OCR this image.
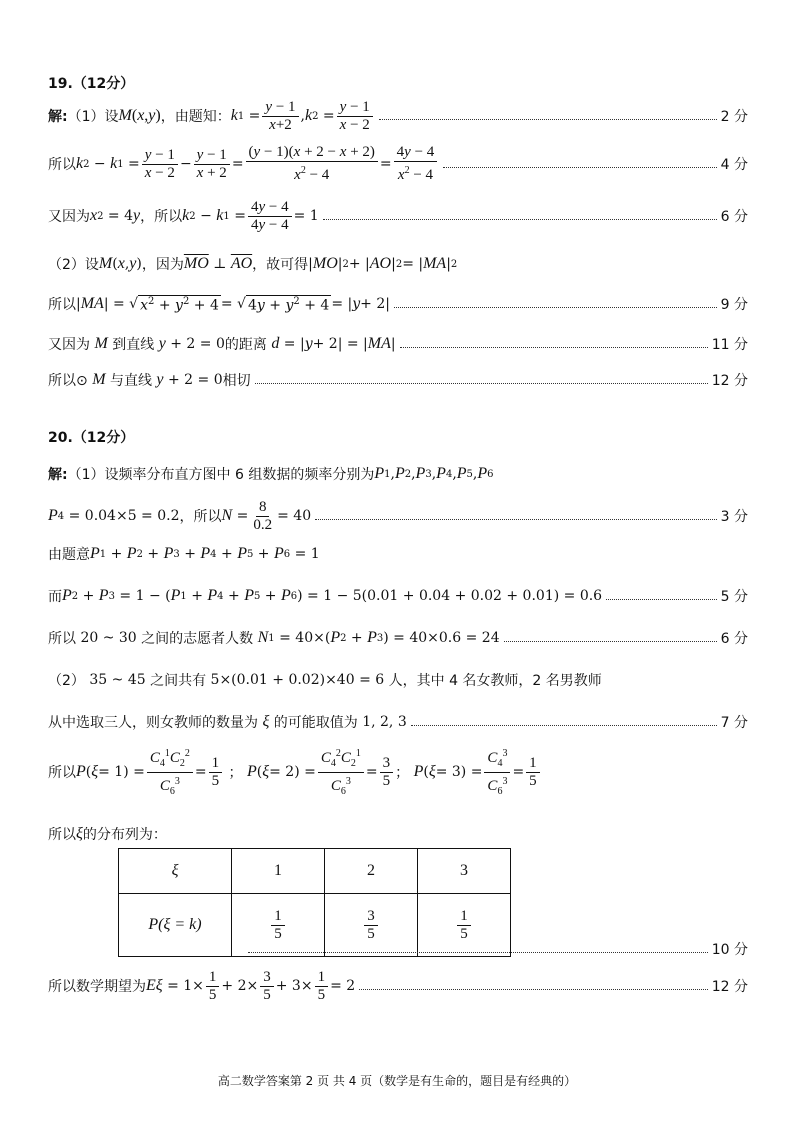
19.（12分）
解: （1）设 M ( x , y ) ，由题知： k $1 = \frac{y - 1}{x+2}$ , k $2 = \frac{y - 1}{x - 2}$	2 分
所以 k 2 − k $1 = \frac{y - 1}{x - 2} - \frac{y - 1}{x + 2} = \frac{(y - 1)(x + 2 - x + 2)}{x^2 - 4} = \frac{4y - 4}{x^2 - 4}$	4 分
又因为 x 2 = 4 y ，所以 k 2 − k $1 = \frac{4y - 4}{4y - 4} = 1$	6 分
（2）设 M ( x , y ) ，因为 $\overline{MO}$ ⊥ $\overline{AO}$ ，故可得 | MO | 2 + | AO | 2 = | MA | 2
所以 | MA | = √ $x^2 + y^2 + 4$ = √ $4y + y^2 + 4$ = | y + 2|	9 分
又因为
M
到直线
y + 2 = 0 的距离
d = | y + 2| = | MA |	11 分
所以⊙
M
与直线
y + 2 = 0 相切	12 分
20.（12分）
解: （1）设频率分布直方图中 6 组数据的频率分别为 P 1 , P 2 , P 3 , P 4 , P 5 , P 6
P 4 = 0.04×5 = 0.2 ，所以 $N = \frac{8}{0.2} = 40$	3 分
由题意 P 1 + P 2 + P 3 + P 4 + P 5 + P 6 = 1
而 P 2 + P 3 = 1 − ( P 1 + P 4 + P 5 + P 6 ) = 1 − 5(0.01 + 0.04 + 0.02 + 0.01) = 0.6	5 分
所以 20 ~ 30 之间的志愿者人数
N 1 = 40×( P 2 + P 3 ) = 40×0.6 = 24	6 分
（2） 35 ~ 45 之间共有 5×(0.01 + 0.02)×40 = 6 人，其中 4 名女教师，2 名男教师
从中选取三人，则女教师的数量为
ξ
的可能取值为 1, 2, 3	7 分
所以 P ( $\xi = 1) = \frac{C_4^1C_2^2}{C_6^3} = \frac{1}{5}$ ； P ( $\xi = 2) = \frac{C_4^2C_2^1}{C_6^3} = \frac{3}{5}$ ； P ( $\xi = 3) = \frac{C_4^3}{C_6^3} = \frac{1}{5}$
所以 ξ 的分布列为：
ξ	1	2	3
P(ξ = k)	$\frac{1}{5}$	$\frac{3}{5}$	$\frac{1}{5}$
10 分
所以数学期望为 $E\xi = 1\times \frac{1}{5} + 2\times \frac{3}{5} + 3\times \frac{1}{5} = 2$	12 分
高二数学答案第 2 页 共 4 页（数学是有生命的，题目是有经典的）
